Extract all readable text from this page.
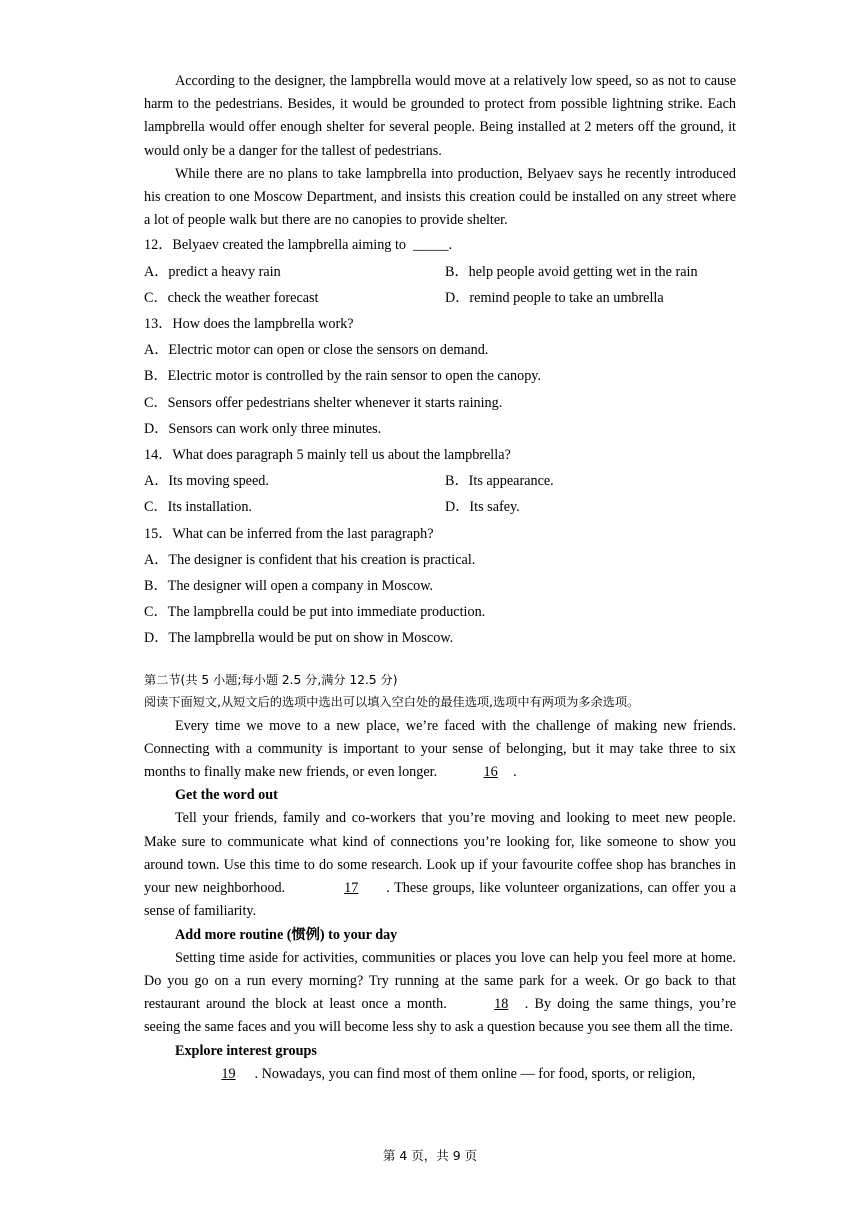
According to the designer, the lampbrella would move at a relatively low speed, so as not to cause harm to the pedestrians. Besides, it would be grounded to protect from possible lightning strike. Each lampbrella would offer enough shelter for several people. Being installed at 2 meters off the ground, it would only be a danger for the tallest of pedestrians.

While there are no plans to take lampbrella into production, Belyaev says he recently introduced his creation to one Moscow Department, and insists this creation could be installed on any street where a lot of people walk but there are no canopies to provide shelter.

12．Belyaev created the lampbrella aiming to  _____.

A．predict a heavy rain	B．help people avoid getting wet in the rain

C．check the weather forecast	D．remind people to take an umbrella

13．How does the lampbrella work?

A．Electric motor can open or close the sensors on demand.

B．Electric motor is controlled by the rain sensor to open the canopy.

C．Sensors offer pedestrians shelter whenever it starts raining.

D．Sensors can work only three minutes.

14．What does paragraph 5 mainly tell us about the lampbrella?

A．Its moving speed.	B．Its appearance.

C．Its installation.	D．Its safey.

15．What can be inferred from the last paragraph?

A．The designer is confident that his creation is practical.

B．The designer will open a company in Moscow.

C．The lampbrella could be put into immediate production.

D．The lampbrella would be put on show in Moscow.

第二节(共 5 小题;每小题 2.5 分,满分 12.5 分)

阅读下面短文,从短文后的选项中选出可以填入空白处的最佳选项,选项中有两项为多余选项。

Every time we move to a new place, we’re faced with the challenge of making new friends. Connecting with a community is important to your sense of belonging, but it may take three to six months to finally make new friends, or even longer.	16 .

Get the word out

Tell your friends, family and co-workers that you’re moving and looking to meet new people. Make sure to communicate what kind of connections you’re looking for, like someone to show you around town. Use this time to do some research. Look up if your favourite coffee shop has branches in your new neighborhood.	17 . These groups, like volunteer organizations, can offer you a sense of familiarity.

Add more routine (惯例) to your day

Setting time aside for activities, communities or places you love can help you feel more at home. Do you go on a run every morning? Try running at the same park for a week. Or go back to that restaurant around the block at least once a month.	18 . By doing the same things, you’re seeing the same faces and you will become less shy to ask a question because you see them all the time.

Explore interest groups

19 . Nowadays, you can find most of them online — for food, sports, or religion,

第 4 页，共 9 页
